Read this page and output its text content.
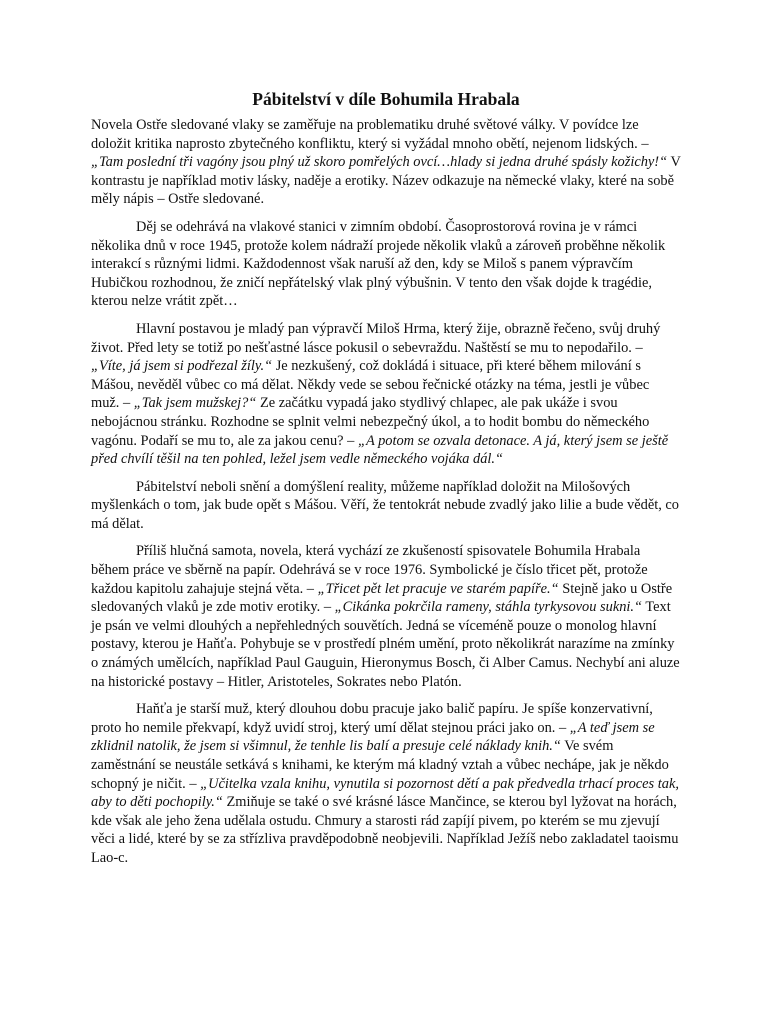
Pábitelství v díle Bohumila Hrabala

Novela Ostře sledované vlaky se zaměřuje na problematiku druhé světové války. V povídce lze doložit kritika naprosto zbytečného konfliktu, který si vyžádal mnoho obětí, nejenom lidských. – „Tam poslední tři vagóny jsou plný už skoro pomřelých ovcí…hlady si jedna druhé spásly kožichy!“ V kontrastu je například motiv lásky, naděje a erotiky. Název odkazuje na německé vlaky, které na sobě měly nápis – Ostře sledované.

Děj se odehrává na vlakové stanici v zimním období. Časoprostorová rovina je v rámci několika dnů v roce 1945, protože kolem nádraží projede několik vlaků a zároveň proběhne několik interakcí s různými lidmi. Každodennost však naruší až den, kdy se Miloš s panem výpravčím Hubičkou rozhodnou, že zničí nepřátelský vlak plný výbušnin. V tento den však dojde k tragédie, kterou nelze vrátit zpět…

Hlavní postavou je mladý pan výpravčí Miloš Hrma, který žije, obrazně řečeno, svůj druhý život. Před lety se totiž po nešťastné lásce pokusil o sebevraždu. Naštěstí se mu to nepodařilo. – „Víte, já jsem si podřezal žíly.“ Je nezkušený, což dokládá i situace, při které během milování s Mášou, nevěděl vůbec co má dělat. Někdy vede se sebou řečnické otázky na téma, jestli je vůbec muž. – „Tak jsem mužskej?“ Ze začátku vypadá jako stydlivý chlapec, ale pak ukáže i svou nebojácnou stránku. Rozhodne se splnit velmi nebezpečný úkol, a to hodit bombu do německého vagónu. Podaří se mu to, ale za jakou cenu? – „A potom se ozvala detonace. A já, který jsem se ještě před chvílí těšil na ten pohled, ležel jsem vedle německého vojáka dál.“

Pábitelství neboli snění a domýšlení reality, můžeme například doložit na Milošových myšlenkách o tom, jak bude opět s Mášou. Věří, že tentokrát nebude zvadlý jako lilie a bude vědět, co má dělat.

Příliš hlučná samota, novela, která vychází ze zkušeností spisovatele Bohumila Hrabala během práce ve sběrně na papír. Odehrává se v roce 1976. Symbolické je číslo třicet pět, protože každou kapitolu zahajuje stejná věta. – „Třicet pět let pracuje ve starém papíře.“ Stejně jako u Ostře sledovaných vlaků je zde motiv erotiky. – „Cikánka pokrčila rameny, stáhla tyrkysovou sukni.“ Text je psán ve velmi dlouhých a nepřehledných souvětích. Jedná se víceméně pouze o monolog hlavní postavy, kterou je Haňťa. Pohybuje se v prostředí plném umění, proto několikrát narazíme na zmínky o známých umělcích, například Paul Gauguin, Hieronymus Bosch, či Alber Camus. Nechybí ani aluze na historické postavy – Hitler, Aristoteles, Sokrates nebo Platón.

Haňťa je starší muž, který dlouhou dobu pracuje jako balič papíru. Je spíše konzervativní, proto ho nemile překvapí, když uvidí stroj, který umí dělat stejnou práci jako on. – „A teď jsem se zklidnil natolik, že jsem si všimnul, že tenhle lis balí a presuje celé náklady knih.“ Ve svém zaměstnání se neustále setkává s knihami, ke kterým má kladný vztah a vůbec nechápe, jak je někdo schopný je ničit. – „Učitelka vzala knihu, vynutila si pozornost dětí a pak předvedla trhací proces tak, aby to děti pochopily.“ Zmiňuje se také o své krásné lásce Mančince, se kterou byl lyžovat na horách, kde však ale jeho žena udělala ostudu. Chmury a starosti rád zapíjí pivem, po kterém se mu zjevují věci a lidé, které by se za střízliva pravděpodobně neobjevili. Například Ježíš nebo zakladatel taoismu Lao-c.
